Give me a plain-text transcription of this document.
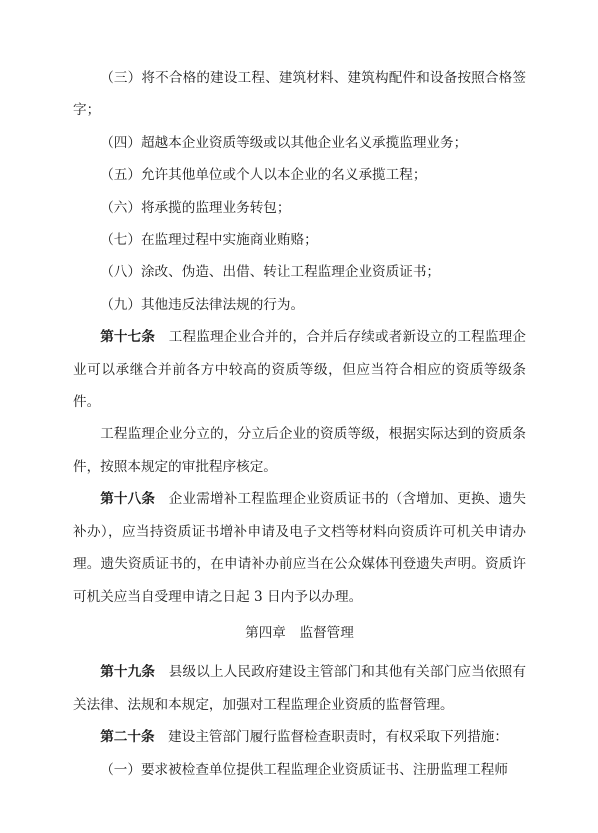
（三）将不合格的建设工程、建筑材料、建筑构配件和设备按照合格签字；

（四）超越本企业资质等级或以其他企业名义承揽监理业务；

（五）允许其他单位或个人以本企业的名义承揽工程；

（六）将承揽的监理业务转包；

（七）在监理过程中实施商业贿赂；

（八）涂改、伪造、出借、转让工程监理企业资质证书；

（九）其他违反法律法规的行为。

第十七条 工程监理企业合并的，合并后存续或者新设立的工程监理企业可以承继合并前各方中较高的资质等级，但应当符合相应的资质等级条件。

工程监理企业分立的，分立后企业的资质等级，根据实际达到的资质条件，按照本规定的审批程序核定。

第十八条 企业需增补工程监理企业资质证书的（含增加、更换、遗失补办），应当持资质证书增补申请及电子文档等材料向资质许可机关申请办理。遗失资质证书的，在申请补办前应当在公众媒体刊登遗失声明。资质许可机关应当自受理申请之日起 3 日内予以办理。

第四章　监督管理

第十九条 县级以上人民政府建设主管部门和其他有关部门应当依照有关法律、法规和本规定，加强对工程监理企业资质的监督管理。

第二十条 建设主管部门履行监督检查职责时，有权采取下列措施：

（一）要求被检查单位提供工程监理企业资质证书、注册监理工程师
